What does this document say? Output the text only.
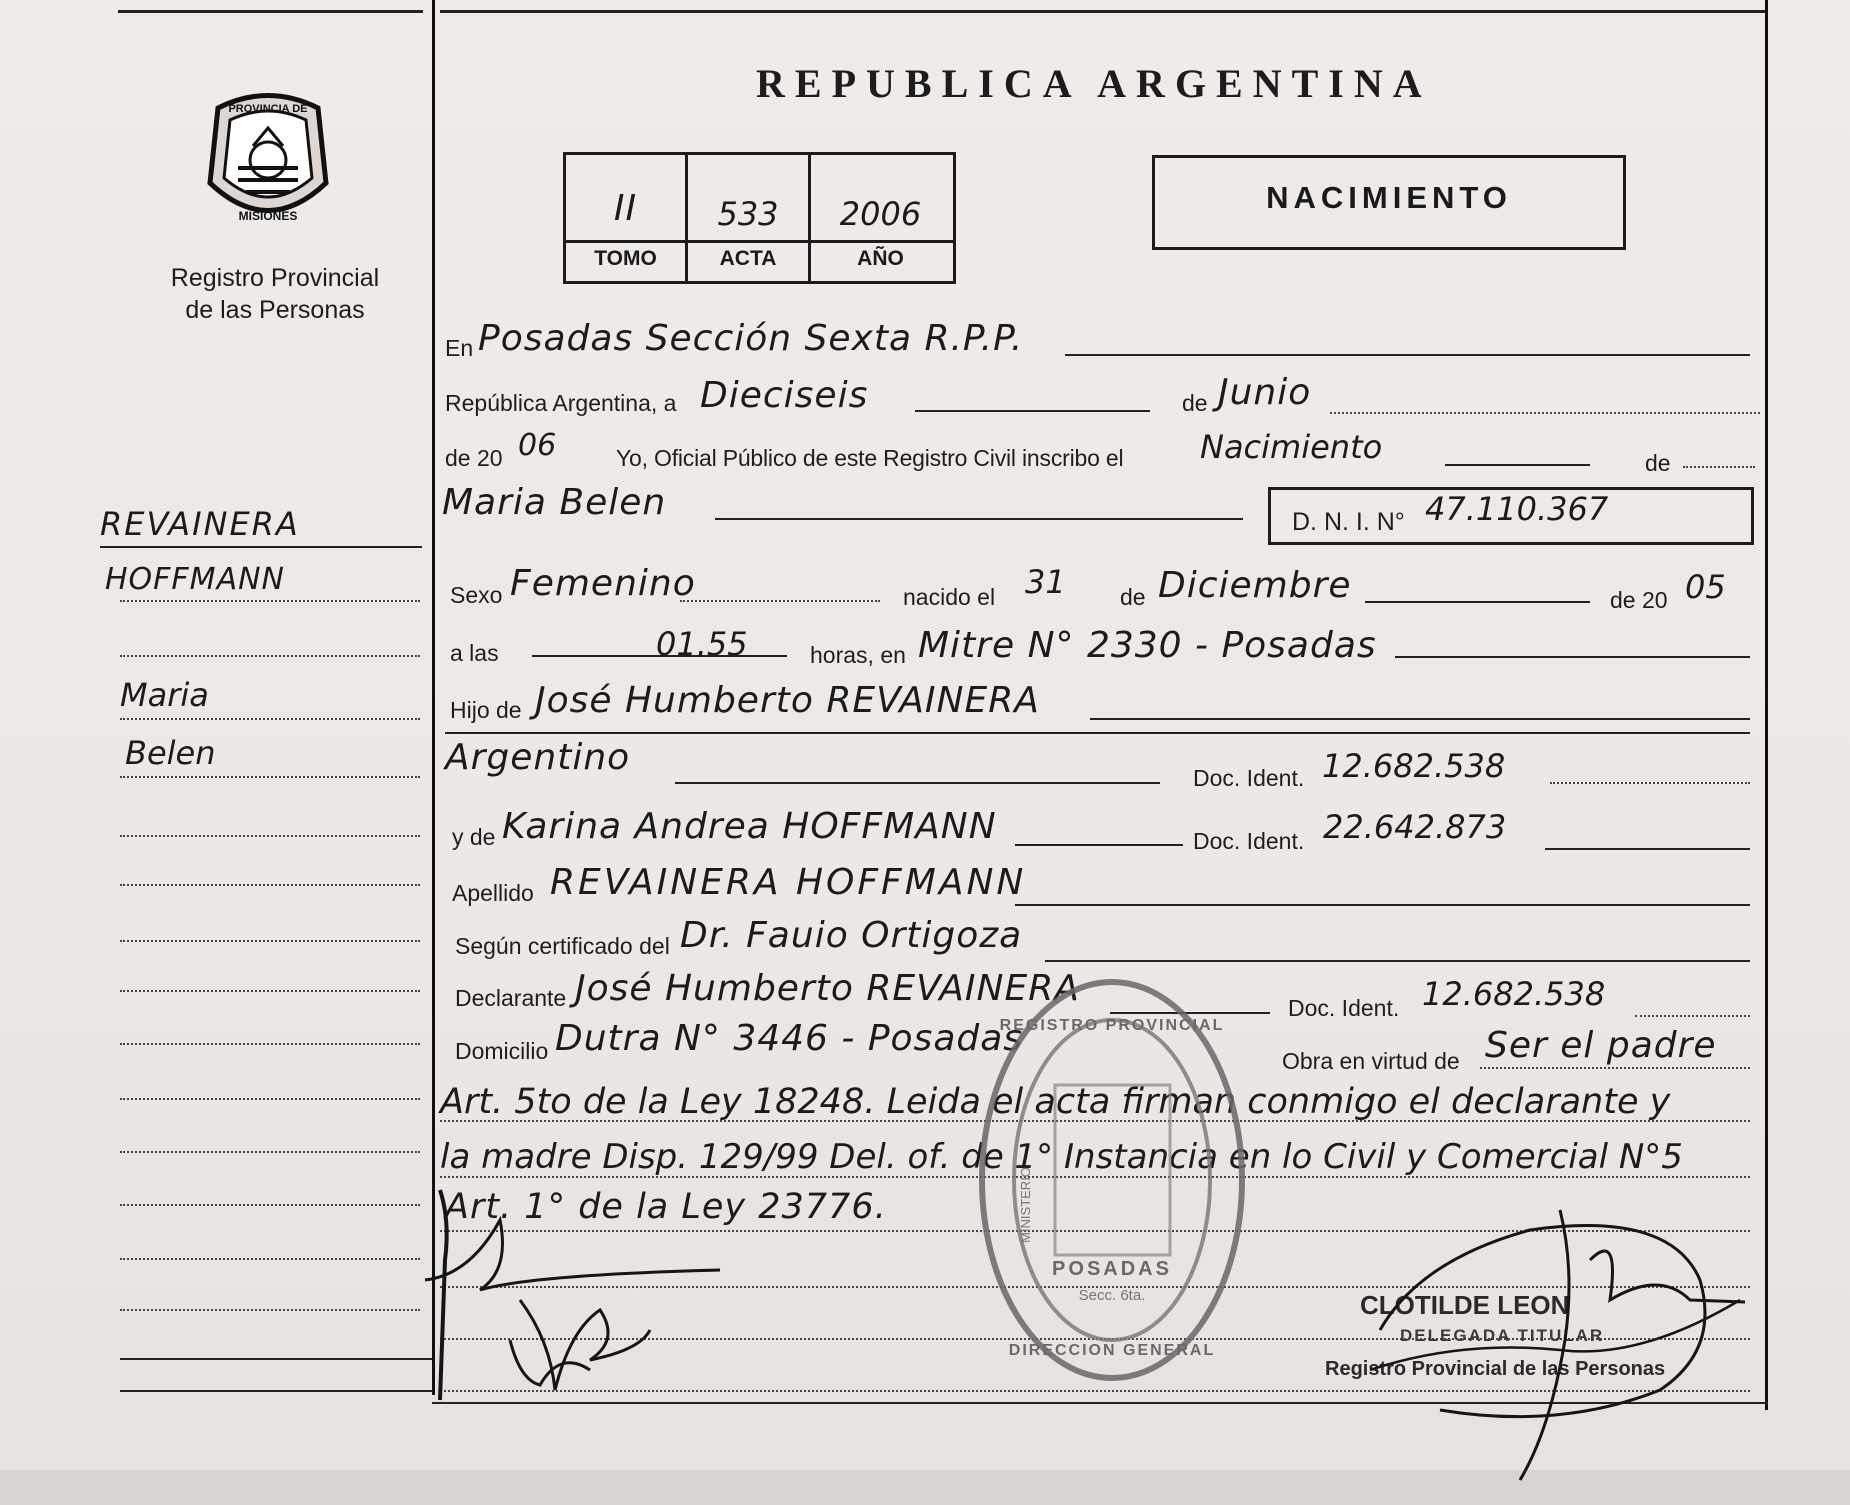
PROVINCIA DE
MISIONES
Registro Provincial
de las Personas
REPUBLICA ARGENTINA
II	533	2006
TOMO	ACTA	AÑO
NACIMIENTO
REVAINERA
HOFFMANN
Maria
Belen
En Posadas Sección Sexta R.P.P.
República Argentina, a Dieciseis	de Junio
de 20 06	Yo, Oficial Público de este Registro Civil inscribo el Nacimiento	de
Maria Belen	D. N. I. N° 47.110.367
Sexo Femenino	nacido el 31 de Diciembre	de 20 05
a las	01.55	horas, en Mitre N° 2330 - Posadas
Hijo de José Humberto REVAINERA
Argentino	Doc. Ident. 12.682.538
y de Karina Andrea HOFFMANN	Doc. Ident. 22.642.873
Apellido REVAINERA HOFFMANN
Según certificado del Dr. Fauio Ortigoza
Declarante José Humberto REVAINERA	Doc. Ident. 12.682.538
Domicilio Dutra N° 3446 - Posadas
Obra en virtud de Ser el padre
Art. 5to de la Ley 18248. Leida el acta firman conmigo el declarante y
la madre Disp. 129/99 Del. of. de 1° Instancia en lo Civil y Comercial N°5
Art. 1° de la Ley 23776.
POSADAS
Secc. 6ta.
REGISTRO PROVINCIAL
DIRECCION GENERAL
MINISTERIO
CLOTILDE LEON
DELEGADA TITULAR
Registro Provincial de las Personas
